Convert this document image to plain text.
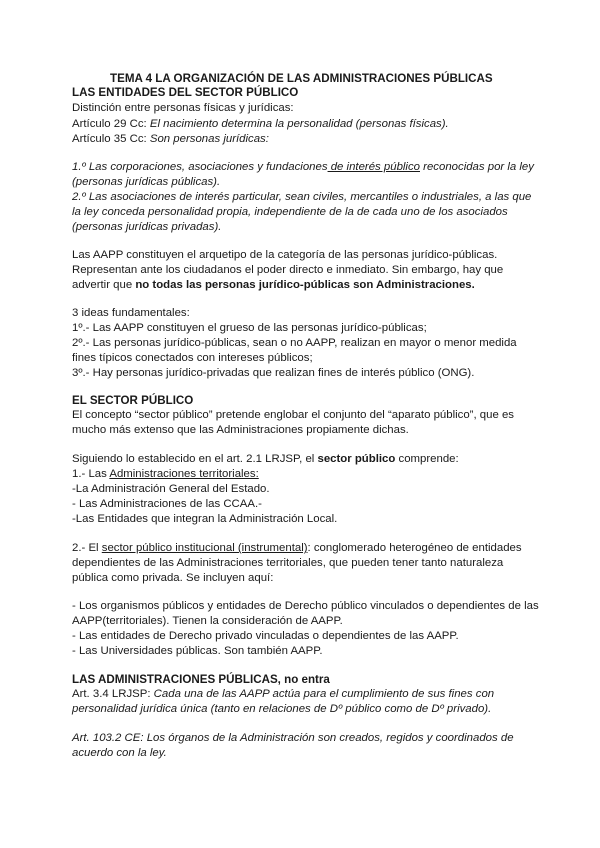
TEMA 4 LA ORGANIZACIÓN DE LAS ADMINISTRACIONES PÚBLICAS
LAS ENTIDADES DEL SECTOR PÚBLICO
Distinción entre personas físicas y jurídicas:
Artículo 29 Cc: El nacimiento determina la personalidad (personas físicas).
Artículo 35 Cc: Son personas jurídicas:
1.º Las corporaciones, asociaciones y fundaciones de interés público reconocidas por la ley
(personas jurídicas públicas).
2.º Las asociaciones de interés particular, sean civiles, mercantiles o industriales, a las que
la ley conceda personalidad propia, independiente de la de cada uno de los asociados
(personas jurídicas privadas).
Las AAPP constituyen el arquetipo de la categoría de las personas jurídico-públicas.
Representan ante los ciudadanos el poder directo e inmediato. Sin embargo, hay que
advertir que no todas las personas jurídico-públicas son Administraciones.
3 ideas fundamentales:
1º.- Las AAPP constituyen el grueso de las personas jurídico-públicas;
2º.- Las personas jurídico-públicas, sean o no AAPP, realizan en mayor o menor medida
fines típicos conectados con intereses públicos;
3º.- Hay personas jurídico-privadas que realizan fines de interés público (ONG).
EL SECTOR PÚBLICO
El concepto “sector público” pretende englobar el conjunto del “aparato público”, que es
mucho más extenso que las Administraciones propiamente dichas.
Siguiendo lo establecido en el art. 2.1 LRJSP, el sector público comprende:
1.- Las Administraciones territoriales:
-La Administración General del Estado.
- Las Administraciones de las CCAA.-
-Las Entidades que integran la Administración Local.
2.- El sector público institucional (instrumental): conglomerado heterogéneo de entidades
dependientes de las Administraciones territoriales, que pueden tener tanto naturaleza
pública como privada. Se incluyen aquí:
- Los organismos públicos y entidades de Derecho público vinculados o dependientes de las
AAPP(territoriales). Tienen la consideración de AAPP.
- Las entidades de Derecho privado vinculadas o dependientes de las AAPP.
- Las Universidades públicas. Son también AAPP.
LAS ADMINISTRACIONES PÚBLICAS, no entra
Art. 3.4 LRJSP: Cada una de las AAPP actúa para el cumplimiento de sus fines con
personalidad jurídica única (tanto en relaciones de Dº público como de Dº privado).
Art. 103.2 CE: Los órganos de la Administración son creados, regidos y coordinados de
acuerdo con la ley.
